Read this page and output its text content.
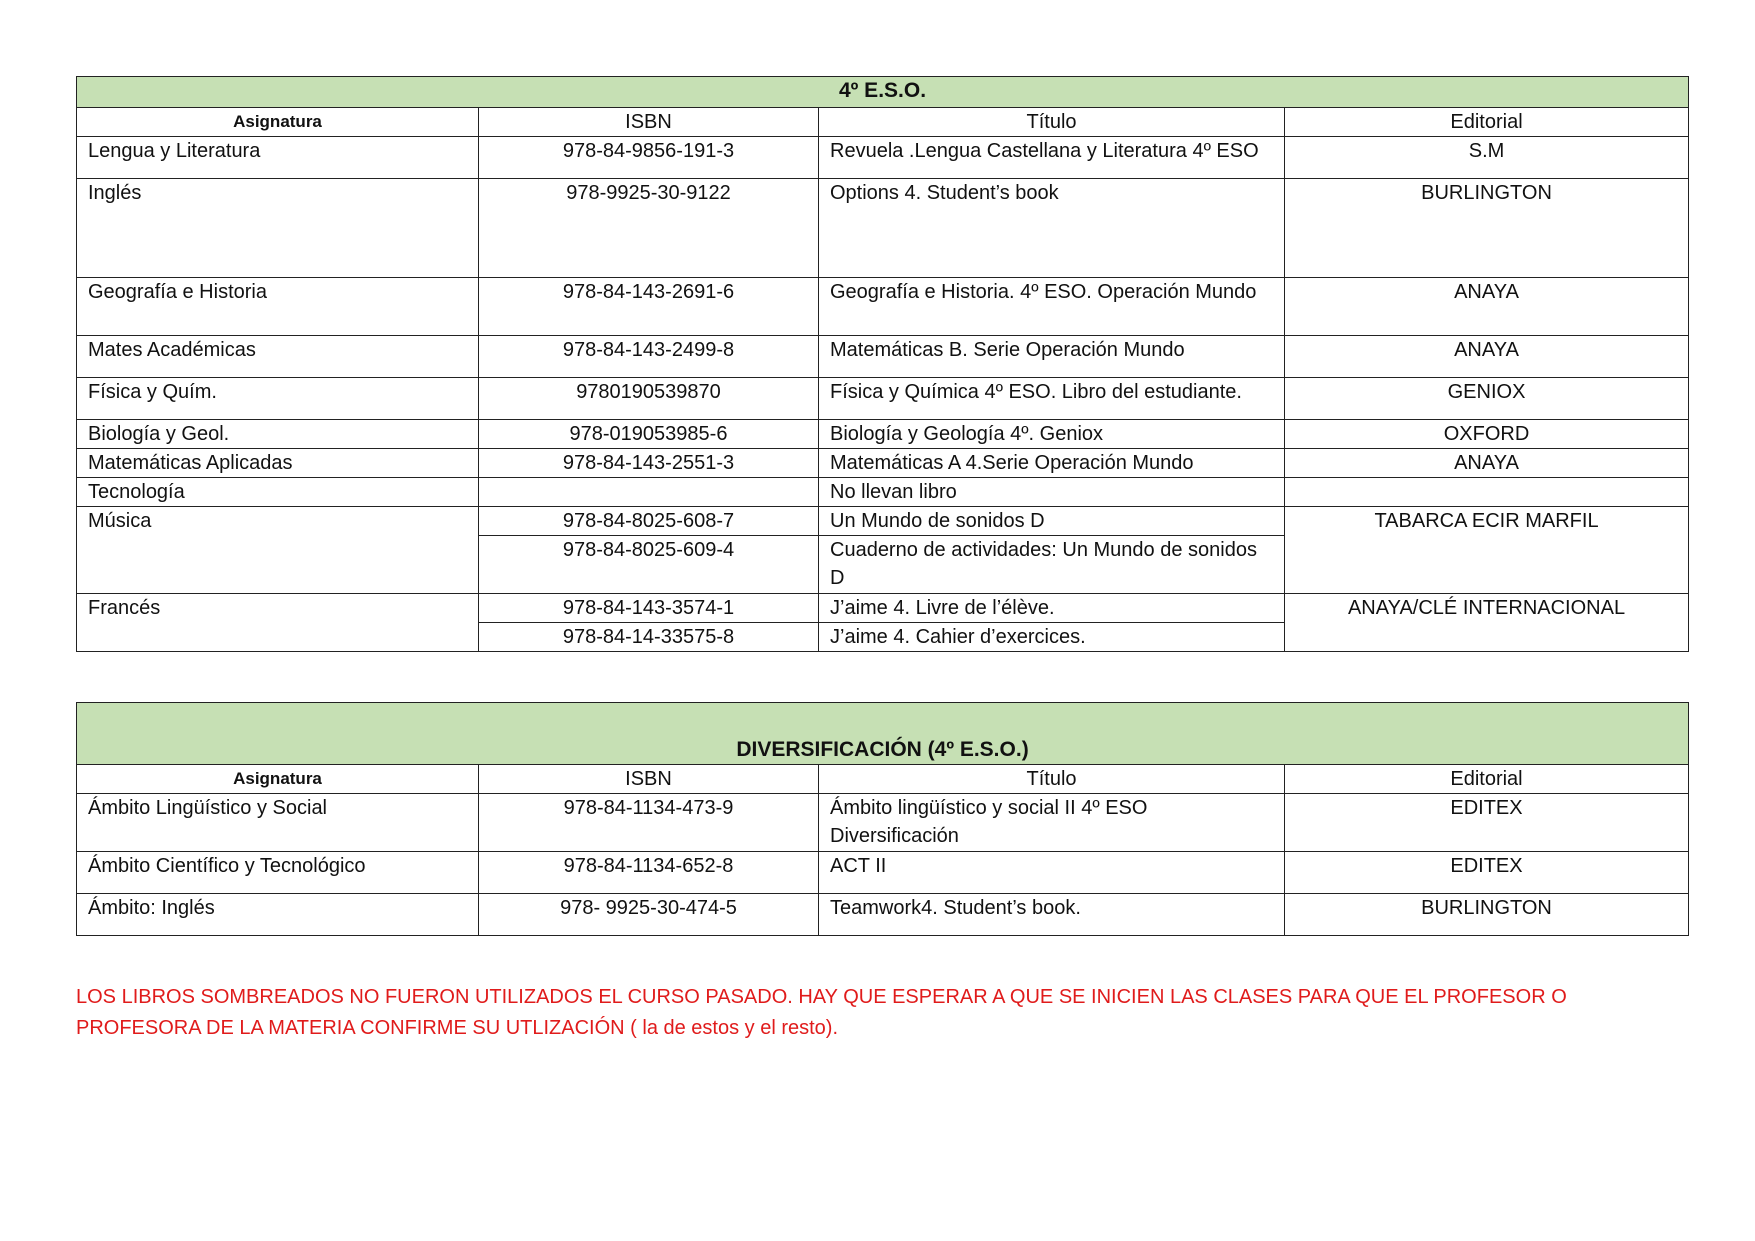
4º E.S.O.			
Asignatura	ISBN	Título	Editorial
Lengua y Literatura	978-84-9856-191-3	Revuela .Lengua Castellana y Literatura 4º ESO	S.M
Inglés	978-9925-30-9122	Options 4. Student’s book	BURLINGTON
Geografía e Historia	978-84-143-2691-6	Geografía e Historia. 4º ESO. Operación Mundo	ANAYA
Mates Académicas	978-84-143-2499-8	Matemáticas B. Serie Operación Mundo	ANAYA
Física y Quím.	9780190539870	Física y Química 4º ESO. Libro del estudiante.	GENIOX
Biología y Geol.	978-019053985-6	Biología y Geología 4º. Geniox	OXFORD
Matemáticas Aplicadas	978-84-143-2551-3	Matemáticas A 4.Serie Operación Mundo	ANAYA
Tecnología		No llevan libro	
Música	978-84-8025-608-7	Un Mundo de sonidos D	TABARCA ECIR MARFIL
	978-84-8025-609-4	Cuaderno de actividades: Un Mundo de sonidos D	
Francés	978-84-143-3574-1	J’aime 4. Livre de l’élève.	ANAYA/CLÉ INTERNACIONAL
	978-84-14-33575-8	J’aime 4. Cahier d’exercices.	
DIVERSIFICACIÓN (4º E.S.O.)			
Asignatura	ISBN	Título	Editorial
Ámbito Lingüístico y Social	978-84-1134-473-9	Ámbito lingüístico y social II 4º ESO Diversificación	EDITEX
Ámbito Científico y Tecnológico	978-84-1134-652-8	ACT II	EDITEX
Ámbito: Inglés	978- 9925-30-474-5	Teamwork4. Student’s book.	BURLINGTON

LOS LIBROS SOMBREADOS NO FUERON UTILIZADOS EL CURSO PASADO. HAY QUE ESPERAR A QUE SE INICIEN LAS CLASES PARA QUE EL PROFESOR O PROFESORA DE LA MATERIA CONFIRME SU UTLIZACIÓN ( la de estos y el resto).
